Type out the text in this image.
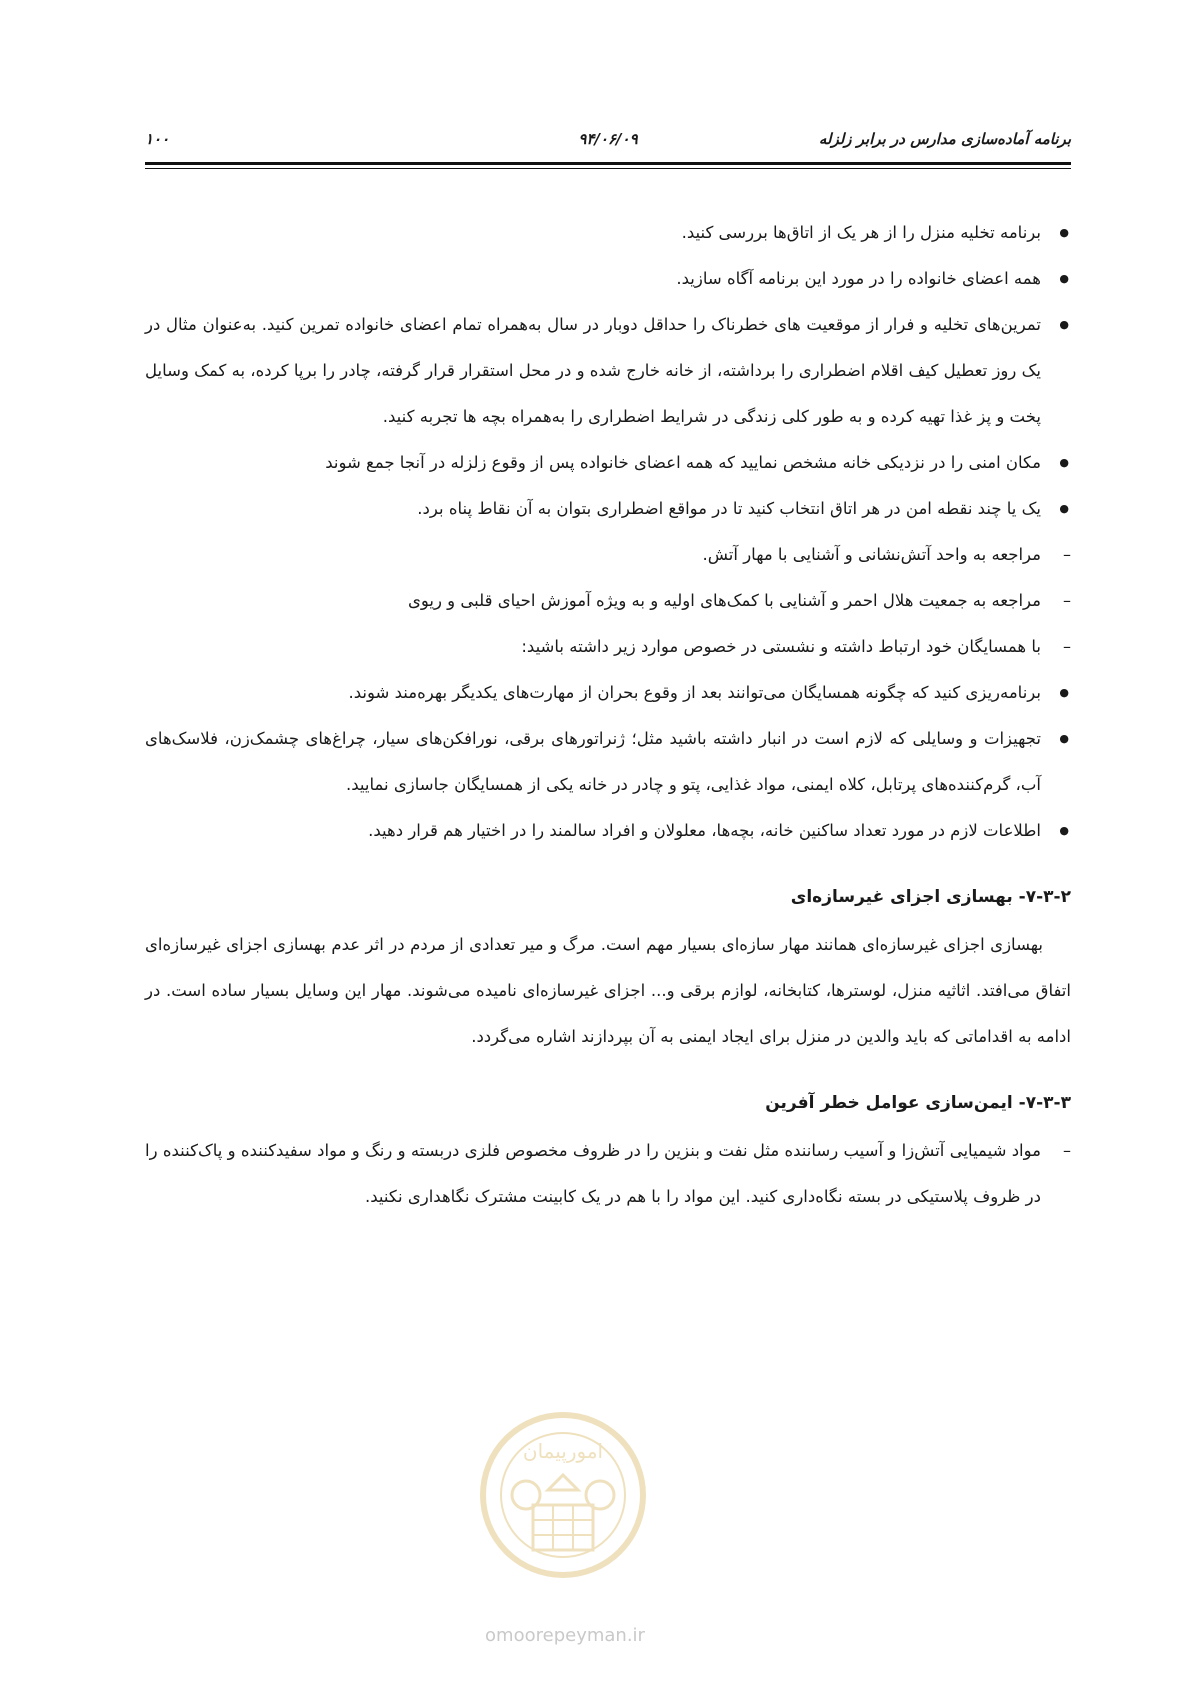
برنامه آماده‌سازی مدارس در برابر زلزله
۹۴/۰۶/۰۹
۱۰۰
● برنامه تخلیه منزل را از هر یک از اتاق‌ها بررسی کنید.
● همه اعضای خانواده را در مورد این برنامه آگاه سازید.
● تمرین‌های تخلیه و فرار از موقعیت های خطرناک را حداقل دوبار در سال به‌همراه تمام اعضای خانواده تمرین کنید. به‌عنوان مثال در یک روز تعطیل کیف اقلام اضطراری را برداشته، از خانه خارج شده و در محل استقرار قرار گرفته، چادر را برپا کرده، به کمک وسایل پخت و پز غذا تهیه کرده و به طور کلی زندگی در شرایط اضطراری را به‌همراه بچه ها تجربه کنید.
● مکان امنی را در نزدیکی خانه مشخص نمایید که همه اعضای خانواده پس از وقوع زلزله در آنجا جمع شوند
● یک یا چند نقطه امن در هر اتاق انتخاب کنید تا در مواقع اضطراری بتوان به آن نقاط پناه برد.
– مراجعه به واحد آتش‌نشانی و آشنایی با مهار آتش.
– مراجعه به جمعیت هلال احمر و آشنایی با کمک‌های اولیه و به ویژه آموزش احیای قلبی و ریوی
– با همسایگان خود ارتباط داشته و نشستی در خصوص موارد زیر داشته باشید:
● برنامه‌ریزی کنید که چگونه همسایگان می‌توانند بعد از وقوع بحران از مهارت‌های یکدیگر بهره‌مند شوند.
● تجهیزات و وسایلی که لازم است در انبار داشته باشید مثل؛ ژنراتورهای برقی، نورافکن‌های سیار، چراغ‌های چشمک‌زن، فلاسک‌های آب، گرم‌کننده‌های پرتابل، کلاه ایمنی، مواد غذایی، پتو و چادر در خانه یکی از همسایگان جاسازی نمایید.
● اطلاعات لازم در مورد تعداد ساکنین خانه، بچه‌ها، معلولان و افراد سالمند را در اختیار هم قرار دهید.
۷-۳-۲- بهسازی اجزای غیرسازه‌ای
بهسازی اجزای غیرسازه‌ای همانند مهار سازه‌ای بسیار مهم است. مرگ و میر تعدادی از مردم در اثر عدم بهسازی اجزای غیرسازه‌ای اتفاق می‌افتد. اثاثیه منزل، لوسترها، کتابخانه، لوازم برقی و... اجزای غیرسازه‌ای نامیده می‌شوند. مهار این وسایل بسیار ساده است. در ادامه به اقداماتی که باید والدین در منزل برای ایجاد ایمنی به آن بپردازند اشاره می‌گردد.
۷-۳-۳- ایمن‌سازی عوامل خطر آفرین
– مواد شیمیایی آتش‌زا و آسیب رساننده مثل نفت و بنزین را در ظروف مخصوص فلزی دربسته و رنگ و مواد سفیدکننده و پاک‌کننده را در ظروف پلاستیکی در بسته نگاه‌داری کنید. این مواد را با هم در یک کابینت مشترک نگاهداری نکنید.
امورپیمان
omoorepeyman.ir
